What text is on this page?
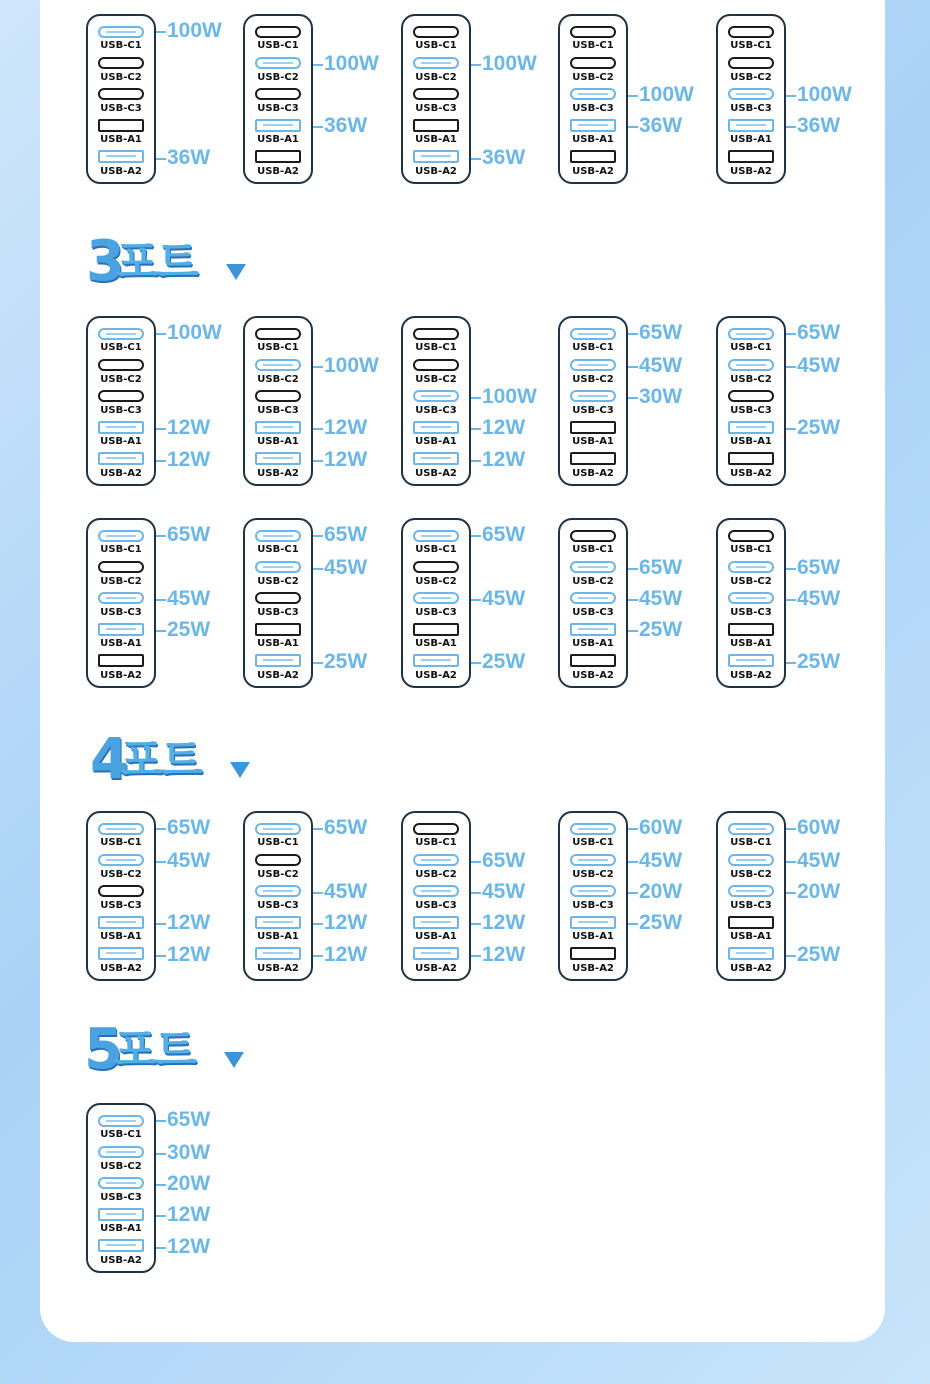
3
포트
4
포트
5
포트
USB-C1
USB-C2
USB-C3
USB-A1
USB-A2
100W
36W
USB-C1
USB-C2
USB-C3
USB-A1
USB-A2
100W
36W
USB-C1
USB-C2
USB-C3
USB-A1
USB-A2
100W
36W
USB-C1
USB-C2
USB-C3
USB-A1
USB-A2
100W
36W
USB-C1
USB-C2
USB-C3
USB-A1
USB-A2
100W
36W
USB-C1
USB-C2
USB-C3
USB-A1
USB-A2
100W
12W
12W
USB-C1
USB-C2
USB-C3
USB-A1
USB-A2
100W
12W
12W
USB-C1
USB-C2
USB-C3
USB-A1
USB-A2
100W
12W
12W
USB-C1
USB-C2
USB-C3
USB-A1
USB-A2
65W
45W
30W
USB-C1
USB-C2
USB-C3
USB-A1
USB-A2
65W
45W
25W
USB-C1
USB-C2
USB-C3
USB-A1
USB-A2
65W
45W
25W
USB-C1
USB-C2
USB-C3
USB-A1
USB-A2
65W
45W
25W
USB-C1
USB-C2
USB-C3
USB-A1
USB-A2
65W
45W
25W
USB-C1
USB-C2
USB-C3
USB-A1
USB-A2
65W
45W
25W
USB-C1
USB-C2
USB-C3
USB-A1
USB-A2
65W
45W
25W
USB-C1
USB-C2
USB-C3
USB-A1
USB-A2
65W
45W
12W
12W
USB-C1
USB-C2
USB-C3
USB-A1
USB-A2
65W
45W
12W
12W
USB-C1
USB-C2
USB-C3
USB-A1
USB-A2
65W
45W
12W
12W
USB-C1
USB-C2
USB-C3
USB-A1
USB-A2
60W
45W
20W
25W
USB-C1
USB-C2
USB-C3
USB-A1
USB-A2
60W
45W
20W
25W
USB-C1
USB-C2
USB-C3
USB-A1
USB-A2
65W
30W
20W
12W
12W
